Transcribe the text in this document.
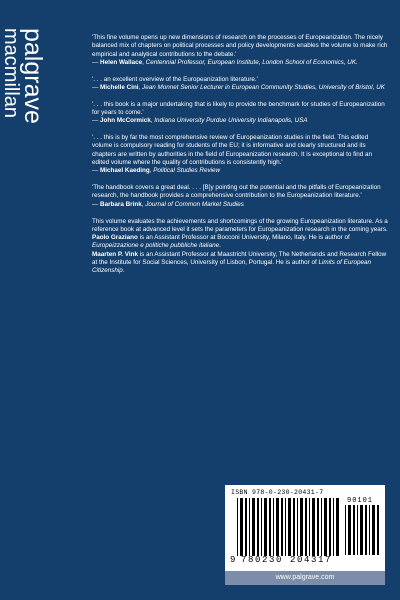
palgrave
macmillan	'This fine volume opens up new dimensions of research on the processes of Europeanization. The nicely balanced mix of chapters on political processes and policy developments enables the volume to make rich empirical and analytical contributions to the debate.'

— Helen Wallace, Centennial Professor, European Institute, London School of Economics, UK.

'. . . an excellent overview of the Europeanization literature.'

— Michelle Cini, Jean Monnet Senior Lecturer in European Community Studies, University of Bristol, UK

'. . . this book is a major undertaking that is likely to provide the benchmark for studies of Europeanization for years to come.'

— John McCormick, Indiana University Purdue University Indianapolis, USA

'. . . this is by far the most comprehensive review of Europeanization studies in the field. This edited volume is compulsory reading for students of the EU; it is informative and clearly structured and its chapters are written by authorities in the field of Europeanization research. It is exceptional to find an edited volume where the quality of contributions is consistently high.'

— Michael Kaeding, Political Studies Review

'The handbook covers a great deal. . . . [B]y pointing out the potential and the pitfalls of Europeanization research, the handbook provides a comprehensive contribution to the Europeanization literature.'

— Barbara Brink, Journal of Common Market Studies

This volume evaluates the achievements and shortcomings of the growing Europeanization literature. As a reference book at advanced level it sets the parameters for Europeanization research in the coming years.

Paolo Graziano is an Assistant Professor at Bocconi University, Milano, Italy. He is author of Europeizzazione e politiche pubbliche italiane.

Maarten P. Vink is an Assistant Professor at Maastricht University, The Netherlands and Research Fellow at the Institute for Social Sciences, University of Lisbon, Portugal. He is author of Limits of European Citizenship.

ISBN 978-0-230-20431-7
90101
9 780230 204317
www.palgrave.com
